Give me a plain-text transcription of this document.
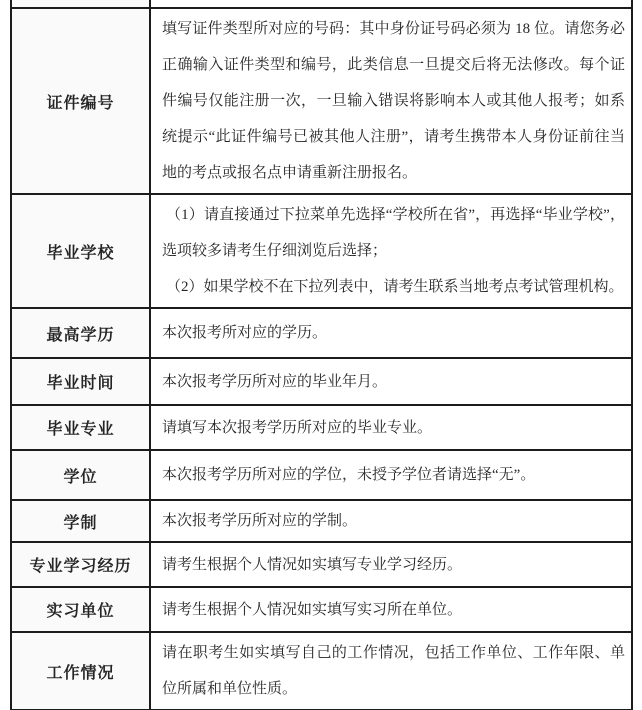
证件编号	填写证件类型所对应的号码：其中身份证号码必须为 18 位。请您务必正确输入证件类型和编号，此类信息一旦提交后将无法修改。每个证件编号仅能注册一次，一旦输入错误将影响本人或其他人报考；如系统提示“此证件编号已被其他人注册”，请考生携带本人身份证前往当地的考点或报名点申请重新注册报名。

毕业学校	（1）请直接通过下拉菜单先选择“学校所在省”，再选择“毕业学校”，选项较多请考生仔细浏览后选择；

（2）如果学校不在下拉列表中，请考生联系当地考点考试管理机构。

最高学历	本次报考所对应的学历。

毕业时间	本次报考学历所对应的毕业年月。

毕业专业	请填写本次报考学历所对应的毕业专业。

学位	本次报考学历所对应的学位，未授予学位者请选择“无”。

学制	本次报考学历所对应的学制。

专业学习经历	请考生根据个人情况如实填写专业学习经历。

实习单位	请考生根据个人情况如实填写实习所在单位。

工作情况	请在职考生如实填写自己的工作情况，包括工作单位、工作年限、单位所属和单位性质。
